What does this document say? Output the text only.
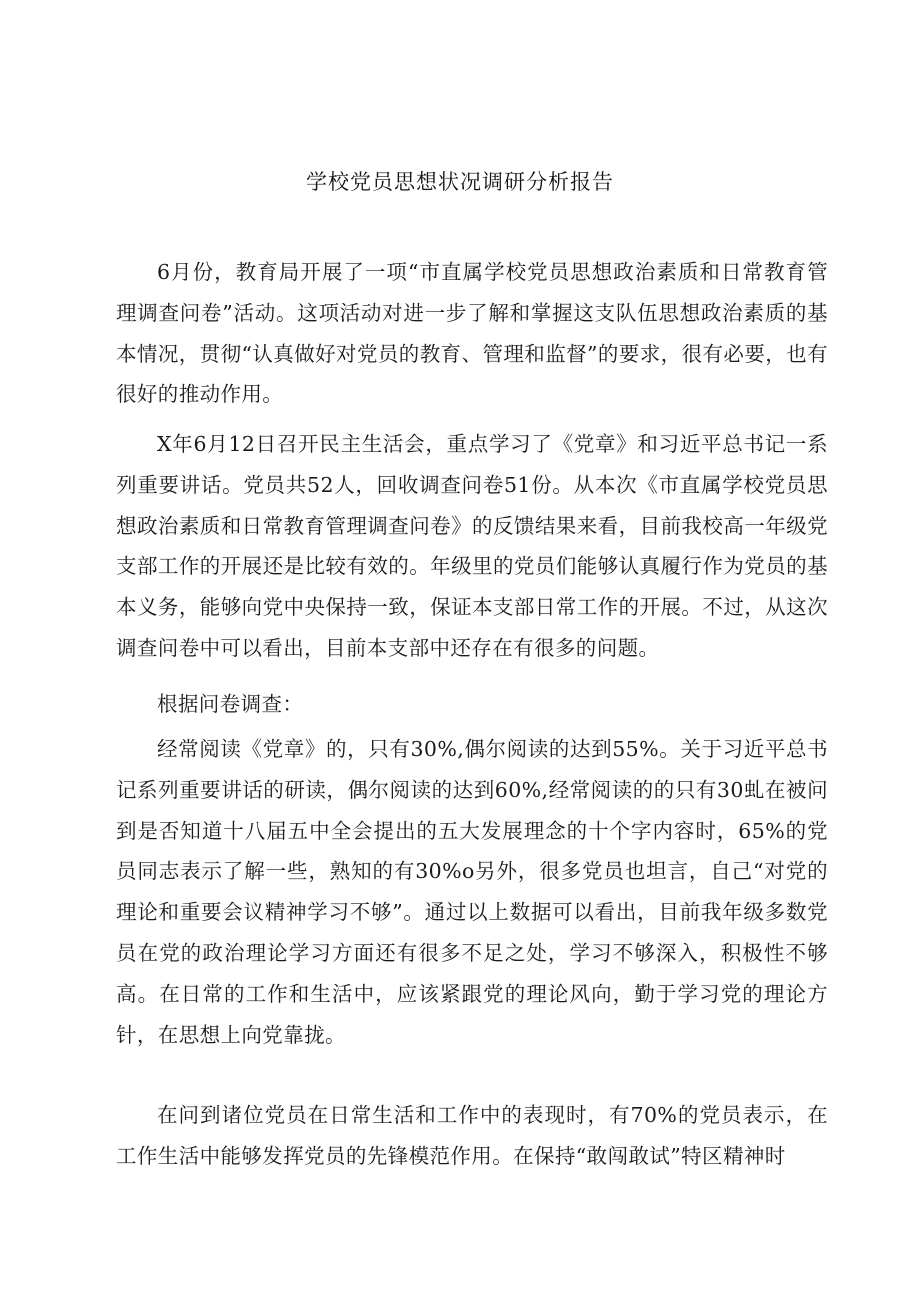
学校党员思想状况调研分析报告

6月份，教育局开展了一项“市直属学校党员思想政治素质和日常教育管理调查问卷”活动。这项活动对进一步了解和掌握这支队伍思想政治素质的基本情况，贯彻“认真做好对党员的教育、管理和监督”的要求，很有必要，也有很好的推动作用。

X年6月12日召开民主生活会，重点学习了《党章》和习近平总书记一系列重要讲话。党员共52人，回收调查问卷51份。从本次《市直属学校党员思想政治素质和日常教育管理调查问卷》的反馈结果来看，目前我校高一年级党支部工作的开展还是比较有效的。年级里的党员们能够认真履行作为党员的基本义务，能够向党中央保持一致，保证本支部日常工作的开展。不过，从这次调查问卷中可以看出，目前本支部中还存在有很多的问题。

根据问卷调查：

经常阅读《党章》的，只有30%,偶尔阅读的达到55%。关于习近平总书记系列重要讲话的研读，偶尔阅读的达到60%,经常阅读的的只有30虬在被问到是否知道十八届五中全会提出的五大发展理念的十个字内容时，65%的党员同志表示了解一些，熟知的有30%o另外，很多党员也坦言，自己“对党的理论和重要会议精神学习不够”。通过以上数据可以看出，目前我年级多数党员在党的政治理论学习方面还有很多不足之处，学习不够深入，积极性不够高。在日常的工作和生活中，应该紧跟党的理论风向，勤于学习党的理论方针，在思想上向党靠拢。

在问到诸位党员在日常生活和工作中的表现时，有70%的党员表示，在工作生活中能够发挥党员的先锋模范作用。在保持“敢闯敢试”特区精神时
